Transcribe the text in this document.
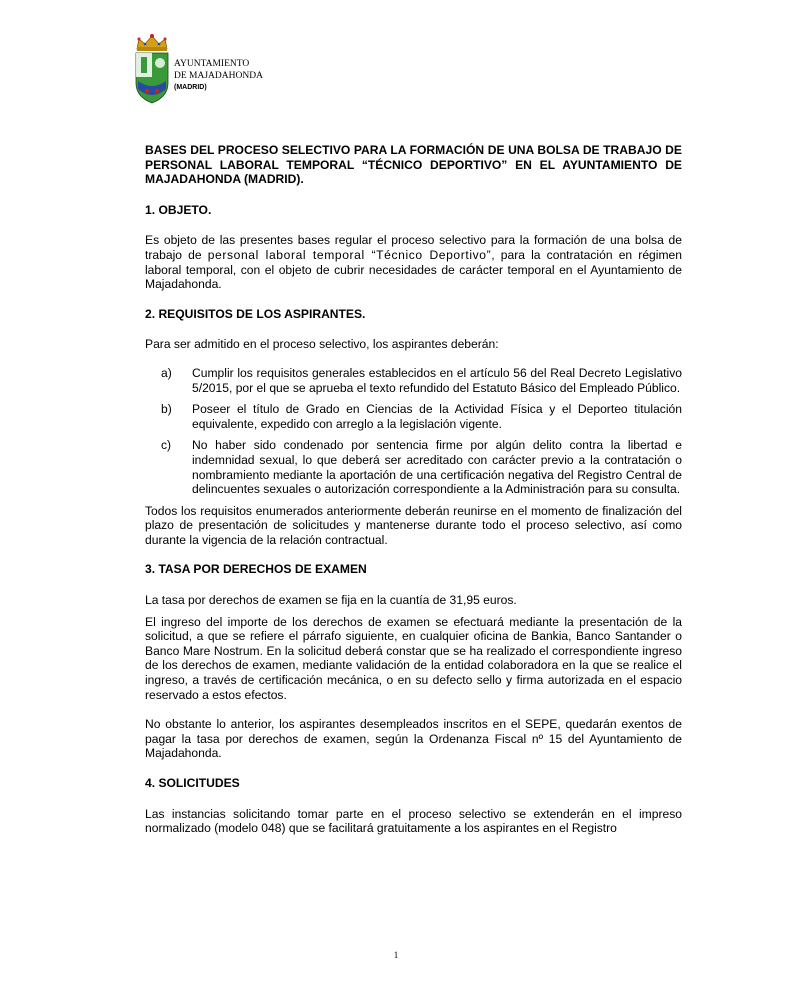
AYUNTAMIENTO
DE MAJADAHONDA
(MADRID)
BASES DEL PROCESO SELECTIVO PARA LA FORMACIÓN DE UNA BOLSA DE TRABAJO DE PERSONAL LABORAL TEMPORAL “TÉCNICO DEPORTIVO” EN EL AYUNTAMIENTO DE MAJADAHONDA (MADRID).
1. OBJETO.

Es objeto de las presentes bases regular el proceso selectivo para la formación de una bolsa de trabajo de personal laboral temporal “Técnico Deportivo”, para la contratación en régimen laboral temporal, con el objeto de cubrir necesidades de carácter temporal en el Ayuntamiento de Majadahonda.

2. REQUISITOS DE LOS ASPIRANTES.

Para ser admitido en el proceso selectivo, los aspirantes deberán:

a)	Cumplir los requisitos generales establecidos en el artículo 56 del Real Decreto Legislativo 5/2015, por el que se aprueba el texto refundido del Estatuto Básico del Empleado Público.
b)	Poseer el título de Grado en Ciencias de la Actividad Física y el Deporteo titulación equivalente, expedido con arreglo a la legislación vigente.
c)	No haber sido condenado por sentencia firme por algún delito contra la libertad e indemnidad sexual, lo que deberá ser acreditado con carácter previo a la contratación o nombramiento mediante la aportación de una certificación negativa del Registro Central de delincuentes sexuales o autorización correspondiente a la Administración para su consulta.

Todos los requisitos enumerados anteriormente deberán reunirse en el momento de finalización del plazo de presentación de solicitudes y mantenerse durante todo el proceso selectivo, así como durante la vigencia de la relación contractual.

3. TASA POR DERECHOS DE EXAMEN

La tasa por derechos de examen se fija en la cuantía de 31,95 euros.

El ingreso del importe de los derechos de examen se efectuará mediante la presentación de la solicitud, a que se refiere el párrafo siguiente, en cualquier oficina de Bankia, Banco Santander o Banco Mare Nostrum. En la solicitud deberá constar que se ha realizado el correspondiente ingreso de los derechos de examen, mediante validación de la entidad colaboradora en la que se realice el ingreso, a través de certificación mecánica, o en su defecto sello y firma autorizada en el espacio reservado a estos efectos.

No obstante lo anterior, los aspirantes desempleados inscritos en el SEPE, quedarán exentos de pagar la tasa por derechos de examen, según la Ordenanza Fiscal nº 15 del Ayuntamiento de Majadahonda.

4. SOLICITUDES

Las instancias solicitando tomar parte en el proceso selectivo se extenderán en el impreso normalizado (modelo 048) que se facilitará gratuitamente a los aspirantes en el Registro

1
